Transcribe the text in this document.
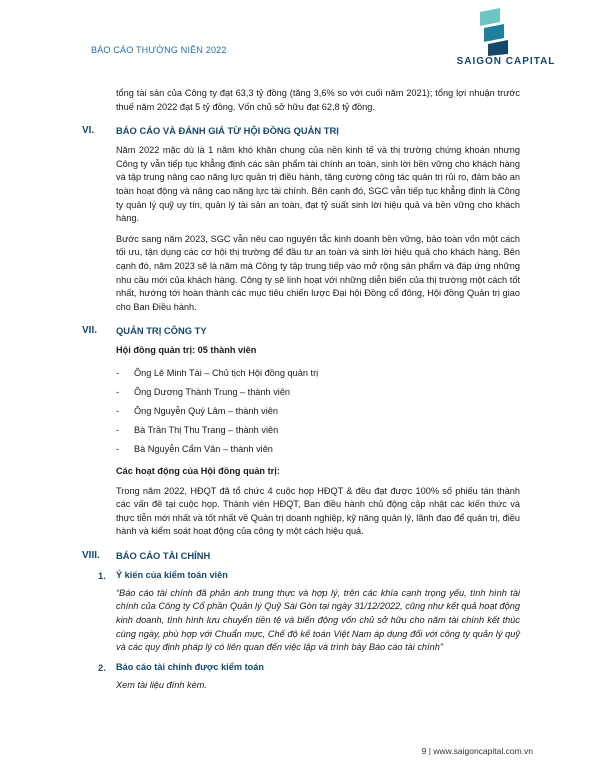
BÁO CÁO THƯỜNG NIÊN 2022
SAIGON CAPITAL

tổng tài sản của Công ty đạt 63,3 tỷ đồng (tăng 3,6% so với cuối năm 2021); tổng lợi nhuận trước thuế năm 2022 đạt 5 tỷ đồng. Vốn chủ sở hữu đạt 62,8 tỷ đồng.

VI. BÁO CÁO VÀ ĐÁNH GIÁ TỪ HỘI ĐỒNG QUẢN TRỊ

Năm 2022 mặc dù là 1 năm khó khăn chung của nền kinh tế và thị trường chứng khoán nhưng Công ty vẫn tiếp tục khẳng định các sản phẩm tài chính an toàn, sinh lời bền vững cho khách hàng và tập trung nâng cao năng lực quản trị điều hành, tăng cường công tác quản trị rủi ro, đảm bảo an toàn hoạt động và nâng cao năng lực tài chính. Bên cạnh đó, SGC vẫn tiếp tục khẳng định là Công ty quản lý quỹ uy tín, quản lý tài sản an toàn, đạt tỷ suất sinh lời hiệu quả và bền vững cho khách hàng.

Bước sang năm 2023, SGC vẫn nêu cao nguyên tắc kinh doanh bền vững, bảo toàn vốn một cách tối ưu, tận dụng các cơ hội thị trường để đầu tư an toàn và sinh lời hiệu quả cho khách hàng. Bên cạnh đó, năm 2023 sẽ là năm mà Công ty tập trung tiếp vào mở rộng sản phẩm và đáp ứng những nhu cầu mới của khách hàng. Công ty sẽ linh hoạt với những diễn biến của thị trường một cách tốt nhất, hướng tới hoàn thành các mục tiêu chiến lược Đại hội Đồng cổ đông, Hội đồng Quản trị giao cho Ban Điều hành.

VII. QUẢN TRỊ CÔNG TY
Hội đồng quản trị: 05 thành viên
- Ông Lê Minh Tài – Chủ tịch Hội đồng quản trị
- Ông Dương Thành Trung – thành viên
- Ông Nguyễn Quý Lâm – thành viên
- Bà Trần Thị Thu Trang – thành viên
- Bà Nguyễn Cẩm Vân – thành viên
Các hoạt động của Hội đồng quản trị:

Trong năm 2022, HĐQT đã tổ chức 4 cuộc họp HĐQT & đều đạt được 100% số phiếu tán thành các vấn đề tại cuộc họp. Thành viên HĐQT, Ban điều hành chủ động cập nhật các kiến thức và thực tiễn mới nhất và tốt nhất về Quản trị doanh nghiệp, kỹ năng quản lý, lãnh đạo để quản trị, điều hành và kiểm soát hoạt động của công ty một cách hiệu quả.

VIII. BÁO CÁO TÀI CHÍNH
1. Ý kiến của kiểm toán viên

“Báo cáo tài chính đã phản ánh trung thực và hợp lý, trên các khía cạnh trọng yếu, tình hình tài chính của Công ty Cổ phần Quản lý Quỹ Sài Gòn tại ngày 31/12/2022, cũng như kết quả hoạt động kinh doanh, tình hình lưu chuyển tiền tệ và biến động vốn chủ sở hữu cho năm tài chính kết thúc cùng ngày, phù hợp với Chuẩn mực, Chế độ kế toán Việt Nam áp dụng đối với công ty quản lý quỹ và các quy định pháp lý có liên quan đến việc lập và trình bày Báo cáo tài chính”

2. Báo cáo tài chính được kiểm toán

Xem tài liệu đính kèm.

9 | www.saigoncapital.com.vn
